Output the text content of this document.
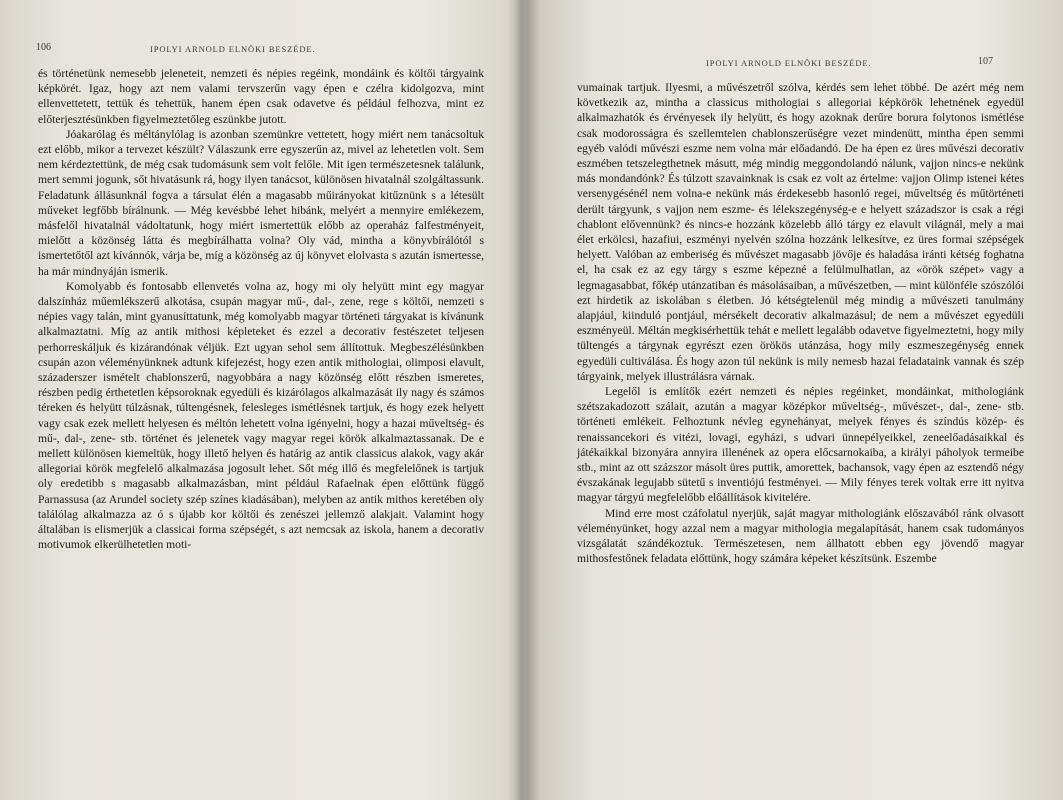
106	IPOLYI ARNOLD ELNÖKI BESZÉDE.

és történetünk nemesebb jeleneteit, nemzeti és népies regéink, mondáink és költői tárgyaink képkörét. Igaz, hogy azt nem valami tervszerűn vagy épen e czélra kidolgozva, mint ellenvettetett, tettük és tehettük, hanem épen csak odavetve és például felhozva, mint ez előterjesztésünkben figyelmeztetőleg eszünkbe jutott.

Jóakarólag és méltánylólag is azonban szemünkre vettetett, hogy miért nem tanácsoltuk ezt előbb, mikor a tervezet készült? Válaszunk erre egyszerűn az, mivel az lehetetlen volt. Sem nem kérdeztettünk, de még csak tudomásunk sem volt felőle. Mit igen természetesnek találunk, mert semmi jogunk, sőt hivatásunk rá, hogy ilyen tanácsot, különösen hivatalnál szolgáltassunk. Feladatunk állásunknál fogva a társulat élén a magasabb műirányokat kitűznünk s a létesült műveket legfőbb bírálnunk. — Még kevésbbé lehet hibánk, melyért a mennyire emlékezem, másfelől hivatalnál vádoltatunk, hogy miért ismertettük előbb az operaház falfestményeit, mielőtt a közönség látta és megbírálhatta volna? Oly vád, mintha a könyvbírálótól s ismertetőtől azt kívánnók, várja be, míg a közönség az új könyvet elolvasta s azután ismertesse, ha már mindnyáján ismerik.

Komolyabb és fontosabb ellenvetés volna az, hogy mi oly helyütt mint egy magyar dalszínház műemlékszerű alkotása, csupán magyar mű-, dal-, zene, rege s költői, nemzeti s népies vagy talán, mint gyanusíttatunk, még komolyabb magyar történeti tárgyakat is kívánunk alkalmaztatni. Míg az antik mithosi képleteket és ezzel a decorativ festészetet teljesen perhorreskáljuk és kizárandónak véljük. Ezt ugyan sehol sem állítottuk. Megbeszélésünkben csupán azon véleményünknek adtunk kifejezést, hogy ezen antik mithologiai, olimposi elavult, századerszer ismételt chablonszerű, nagyobbára a nagy közönség előtt részben ismeretes, részben pedig érthetetlen képsoroknak egyedüli és kizárólagos alkalmazását ily nagy és számos téreken és helyütt túlzásnak, túltengésnek, felesleges ismétlésnek tartjuk, és hogy ezek helyett vagy csak ezek mellett helyesen és méltón lehetett volna igényelni, hogy a hazai műveltség- és mű-, dal-, zene- stb. történet és jelenetek vagy magyar regei körök alkalmaztassanak. De e mellett különösen kiemeltük, hogy illető helyen és határig az antik classicus alakok, vagy akár allegoriai körök megfelelő alkalmazása jogosult lehet. Sőt még illő és megfelelőnek is tartjuk oly eredetibb s magasabb alkalmazásban, mint például Rafaelnak épen előttünk függő Parnassusa (az Arundel society szép színes kiadásában), melyben az antik mithos keretében oly találólag alkalmazza az ó s újabb kor költői és zenészei jellemző alakjait. Valamint hogy általában is elismerjük a classicai forma szépségét, s azt nemcsak az iskola, hanem a decorativ motivumok elkerülhetetlen moti-

IPOLYI ARNOLD ELNÖKI BESZÉDE.	107

vumainak tartjuk. Ilyesmi, a művészetről szólva, kérdés sem lehet többé. De azért még nem következik az, mintha a classicus mithologiai s allegoriai képkörök lehetnének egyedül alkalmazhatók és érvényesek ily helyütt, és hogy azoknak derűre borura folytonos ismétlése csak modorosságra és szellemtelen chablonszerűségre vezet mindenütt, mintha épen semmi egyéb valódi művészi eszme nem volna már előadandó. De ha épen ez üres művészi decorativ eszmében tetszelegthetnek másutt, még mindig meggondolandó nálunk, vajjon nincs-e nekünk más mondandónk? És túlzott szavainknak is csak ez volt az értelme: vajjon Olimp istenei kétes versenygésénél nem volna-e nekünk más érdekesebb hasonló regei, műveltség és műtörténeti derült tárgyunk, s vajjon nem eszme- és lélekszegénység-e e helyett századszor is csak a régi chablont elővennünk? és nincs-e hozzánk közelebb álló tárgy ez elavult világnál, mely a mai élet erkölcsi, hazafiui, eszményi nyelvén szólna hozzánk lelkesítve, ez üres formai szépségek helyett. Valóban az emberiség és művészet magasabb jövője és haladása iránti kétség foghatna el, ha csak ez az egy tárgy s eszme képezné a felülmulhatlan, az «örök szépet» vagy a legmagasabbat, főkép utánzatiban és másolásaiban, a művészetben, — mint különféle szószólói ezt hirdetik az iskolában s életben. Jó kétségtelenül még mindig a művészeti tanulmány alapjául, kiinduló pontjául, mérsékelt decorativ alkalmazásul; de nem a művészet egyedüli eszményeül. Méltán megkisérhettük tehát e mellett legalább odavetve figyelmeztetni, hogy mily tültengés a tárgynak egyrészt ezen örökös utánzása, hogy mily eszmeszegénység ennek egyedüli cultiválása. És hogy azon túl nekünk is mily nemesb hazai feladataink vannak és szép tárgyaink, melyek illustrálásra várnak.

Legelől is említők ezért nemzeti és népies regéinket, mondáinkat, mithologiánk szétszakadozott szálait, azután a magyar középkor műveltség-, művészet-, dal-, zene- stb. történeti emlékeit. Felhoztunk névleg egynehányat, melyek fényes és színdús közép- és renaissancekori és vitézi, lovagi, egyházi, s udvari ünnepélyeikkel, zeneelőadásaikkal és játékaikkal bizonyára annyira illenének az opera előcsarnokaiba, a királyi páholyok termeibe stb., mint az ott százszor másolt üres puttik, amorettek, bachansok, vagy épen az esztendő négy évszakának legujabb sütetű s inventiójú festményei. — Mily fényes terek voltak erre itt nyitva magyar tárgyú megfelelőbb előállítások kivitelére.

Mind erre most czáfolatul nyerjük, saját magyar mithologiánk előszavából ránk olvasott véleményünket, hogy azzal nem a magyar mithologia megalapítását, hanem csak tudományos vizsgálatát szándékoztuk. Természetesen, nem állhatott ebben egy jövendő magyar mithosfestőnek feladata előttünk, hogy számára képeket készítsünk. Eszembe
